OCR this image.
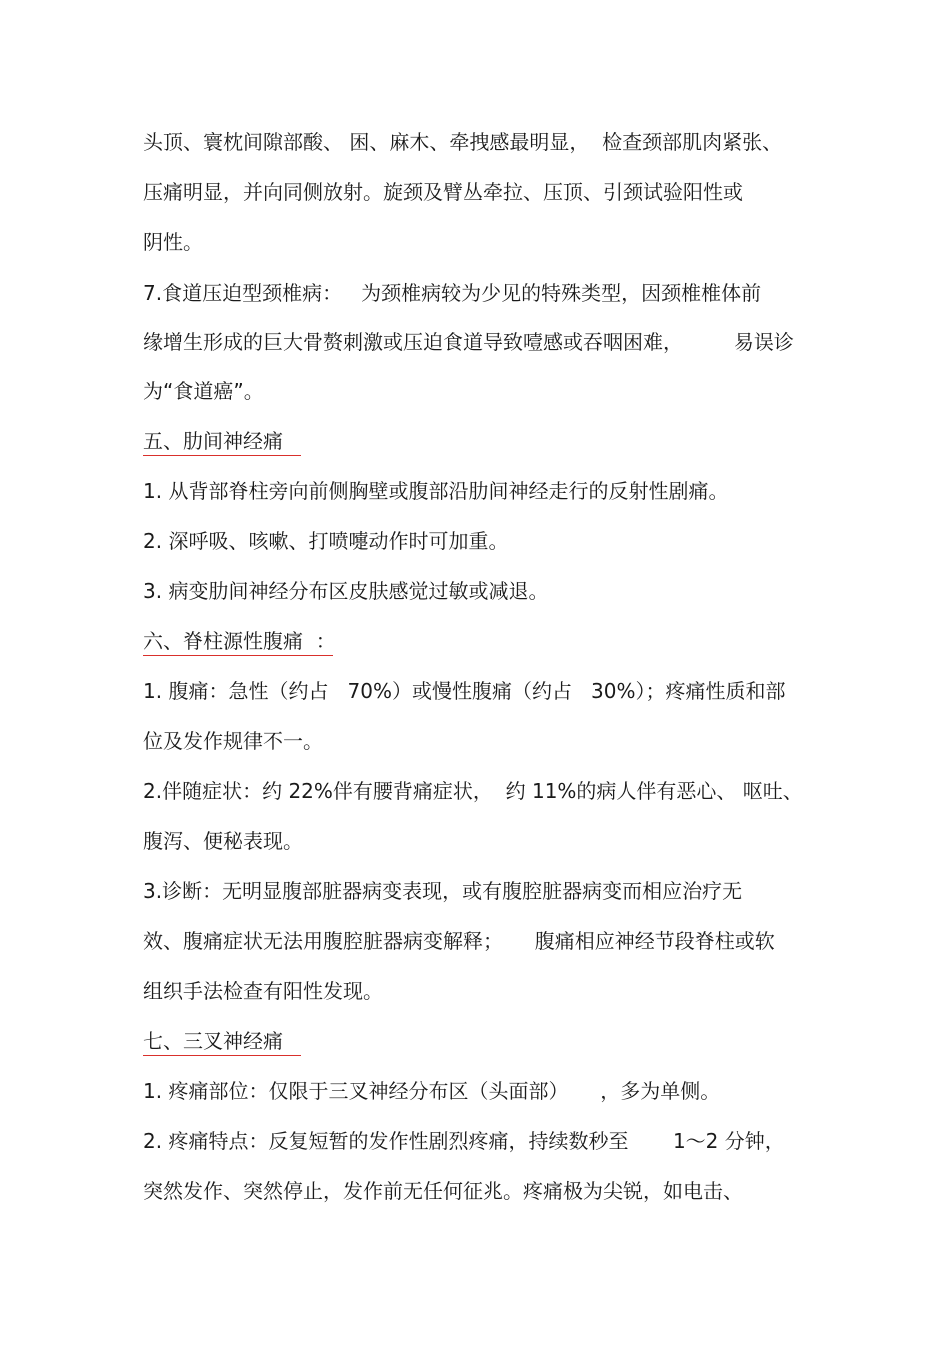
头顶、寰枕间隙部酸、 困、麻木、牵拽感最明显，  检查颈部肌肉紧张、

压痛明显，并向同侧放射。旋颈及臂丛牵拉、压顶、引颈试验阳性或

阴性。

7.食道压迫型颈椎病：   为颈椎病较为少见的特殊类型，因颈椎椎体前

缘增生形成的巨大骨赘刺激或压迫食道导致噎感或吞咽困难，        易误诊

为“食道癌”。

五、肋间神经痛

1. 从背部脊柱旁向前侧胸壁或腹部沿肋间神经走行的反射性剧痛。

2. 深呼吸、咳嗽、打喷嚏动作时可加重。

3. 病变肋间神经分布区皮肤感觉过敏或减退。

六、脊柱源性腹痛  ：

1. 腹痛：急性（约占   70%）或慢性腹痛（约占   30%）；疼痛性质和部

位及发作规律不一。

2.伴随症状：约 22%伴有腰背痛症状，  约 11%的病人伴有恶心、 呕吐、

腹泻、便秘表现。

3.诊断：无明显腹部脏器病变表现，或有腹腔脏器病变而相应治疗无

效、腹痛症状无法用腹腔脏器病变解释；     腹痛相应神经节段脊柱或软

组织手法检查有阳性发现。

七、三叉神经痛

1. 疼痛部位：仅限于三叉神经分布区（头面部）     ，多为单侧。

2. 疼痛特点：反复短暂的发作性剧烈疼痛，持续数秒至       1～2 分钟，

突然发作、突然停止，发作前无任何征兆。疼痛极为尖锐，如电击、
